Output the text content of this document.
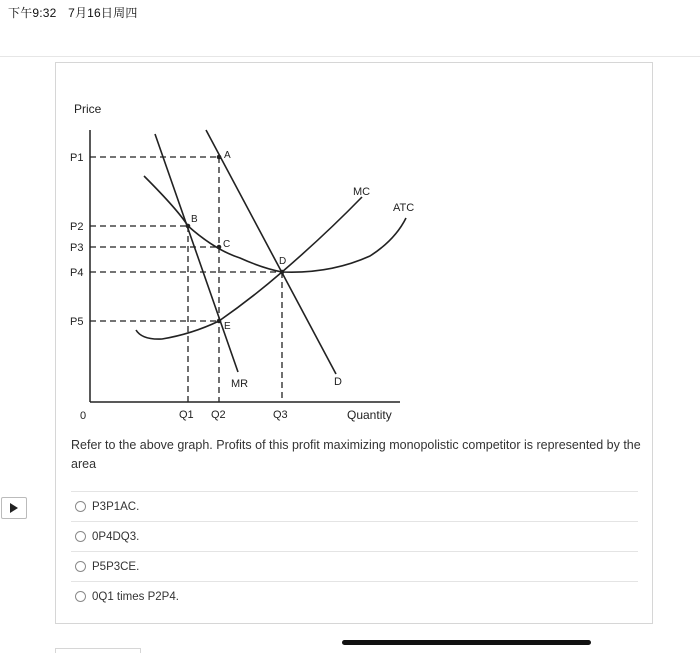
下午9:32 7月16日周四
Price
Quantity
0
P1
P2
P3
P4
P5
Q1 Q2	Q3
MC
ATC
MR	D
A
B
C
D
E
Refer to the above graph. Profits of this profit maximizing monopolistic competitor is represented by the area
P3P1AC.
0P4DQ3.
P5P3CE.
0Q1 times P2P4.
